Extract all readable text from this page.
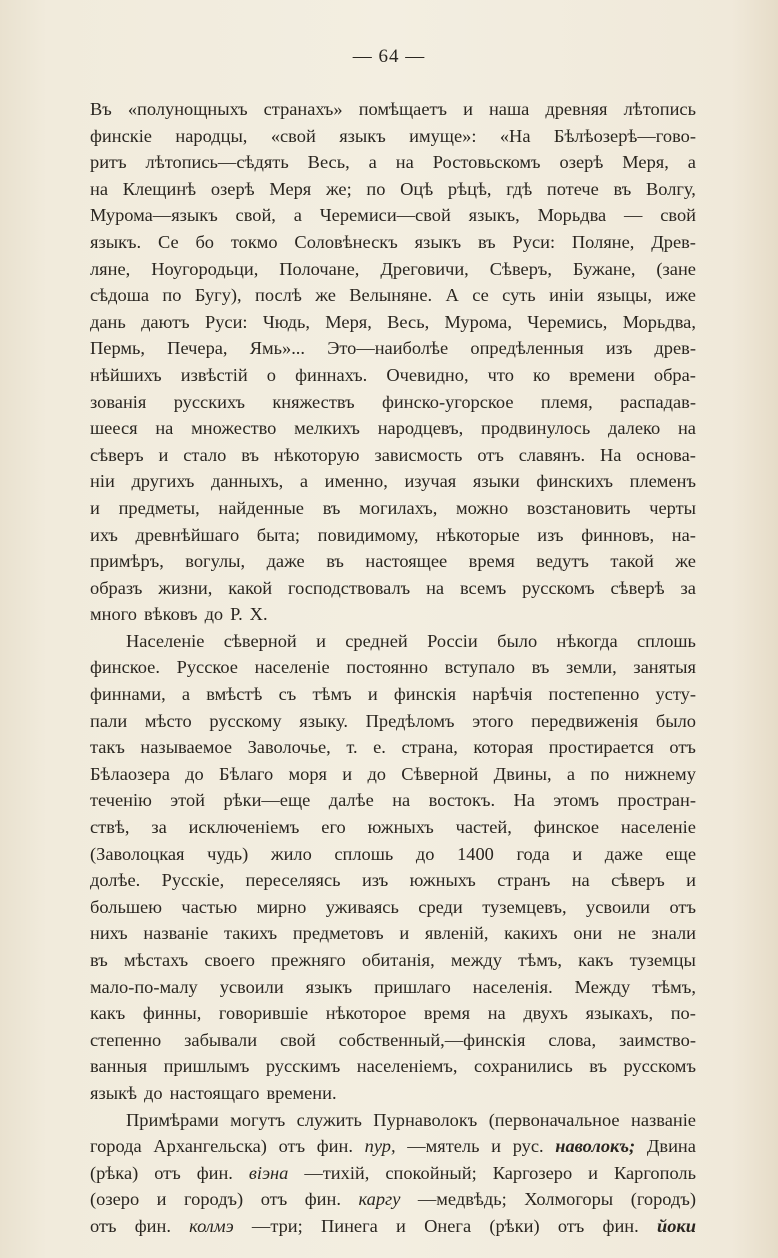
— 64 —
Въ «полунощныхъ странахъ» помѣщаетъ и наша древняя лѣтопись
финскіе народцы, «свой языкъ имуще»: «На Бѣлѣозерѣ—гово-
ритъ лѣтопись—сѣдять Весь, а на Ростовьскомъ озерѣ Меря, а
на Клещинѣ озерѣ Меря же; по Оцѣ рѣцѣ, гдѣ потече въ Волгу,
Мурома—языкъ свой, а Черемиси—свой языкъ, Морьдва — свой
языкъ. Се бо токмо Соловѣнескъ языкъ въ Руси: Поляне, Древ-
ляне, Ноугородьци, Полочане, Дреговичи, Сѣверъ, Бужане, (зане
сѣдоша по Бугу), послѣ же Велыняне. А се суть иніи языцы, иже
дань даютъ Руси: Чюдь, Меря, Весь, Мурома, Черемись, Морьдва,
Пермь, Печера, Ямь»... Это—наиболѣе опредѣленныя изъ древ-
нѣйшихъ извѣстій о финнахъ. Очевидно, что ко времени обра-
зованія русскихъ княжествъ финско-угорское племя, распадав-
шееся на множество мелкихъ народцевъ, продвинулось далеко на
сѣверъ и стало въ нѣкоторую зависмость отъ славянъ. На основа-
ніи другихъ данныхъ, а именно, изучая языки финскихъ племенъ
и предметы, найденные въ могилахъ, можно возстановить черты
ихъ древнѣйшаго быта; повидимому, нѣкоторые изъ финновъ, на-
примѣръ, вогулы, даже въ настоящее время ведутъ такой же
образъ жизни, какой господствовалъ на всемъ русскомъ сѣверѣ за
много вѣковъ до Р. Х.
Населеніе сѣверной и средней Россіи было нѣкогда сплошь
финское. Русское населеніе постоянно вступало въ земли, занятыя
финнами, а вмѣстѣ съ тѣмъ и финскія нарѣчія постепенно усту-
пали мѣсто русскому языку. Предѣломъ этого передвиженія было
такъ называемое Заволочье, т. е. страна, которая простирается отъ
Бѣлаозера до Бѣлаго моря и до Сѣверной Двины, а по нижнему
теченію этой рѣки—еще далѣе на востокъ. На этомъ простран-
ствѣ, за исключеніемъ его южныхъ частей, финское населеніе
(Заволоцкая чудь) жило сплошь до 1400 года и даже еще
долѣе. Русскіе, переселяясь изъ южныхъ странъ на сѣверъ и
большею частью мирно уживаясь среди туземцевъ, усвоили отъ
нихъ названіе такихъ предметовъ и явленій, какихъ они не знали
въ мѣстахъ своего прежняго обитанія, между тѣмъ, какъ туземцы
мало-по-малу усвоили языкъ пришлаго населенія. Между тѣмъ,
какъ финны, говорившіе нѣкоторое время на двухъ языкахъ, по-
степенно забывали свой собственный,—финскія слова, заимство-
ванныя пришлымъ русскимъ населеніемъ, сохранились въ русскомъ
языкѣ до настоящаго времени.
Примѣрами могутъ служить Пурнаволокъ (первоначальное названіе
города Архангельска) отъ фин. пур, —мятель и рус. наволокъ; Двина
(рѣка) отъ фин. віэна —тихій, спокойный; Каргозеро и Каргополь
(озеро и городъ) отъ фин. каргу —медвѣдь; Холмогоры (городъ)
отъ фин. колмэ —три; Пинега и Онега (рѣки) отъ фин. йоки
